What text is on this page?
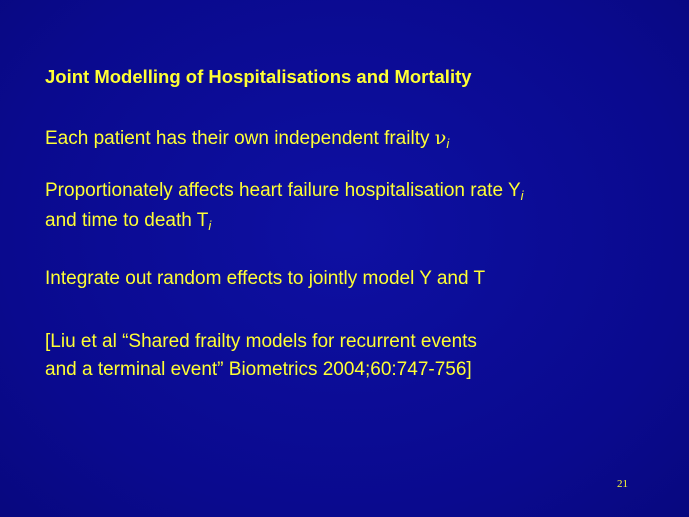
Joint Modelling of Hospitalisations and Mortality
Each patient has their own independent frailty $\nu_i$
Proportionately affects heart failure hospitalisation rate $Y_i$
and time to death $T_i$
Integrate out random effects to jointly model Y and T
[Liu et al “Shared frailty models for recurrent events
and a terminal event” Biometrics 2004;60:747-756]
21
